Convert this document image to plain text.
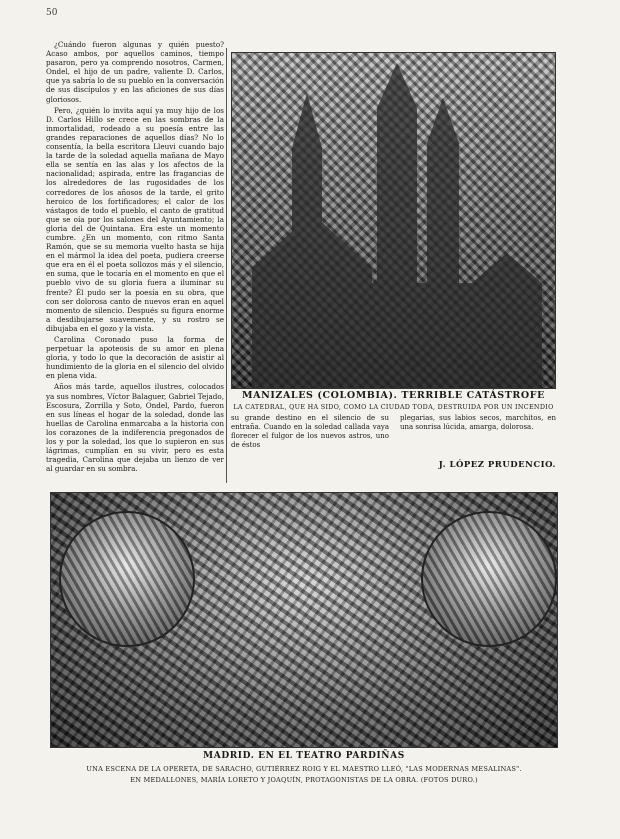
50

¿Cuándo fueron algunas y quién puesto? Acaso ambos, por aquellos caminos, tiempo pasaron, pero ya comprendo nosotros, Carmen, Ondel, el hijo de un padre, valiente D. Carlos, que ya sabría lo de su pueblo en la conversación de sus discípulos y en las aficiones de sus días gloriosos.

Pero, ¿quién lo invita aquí ya muy hijo de los D. Carlos Hillo se crece en las sombras de la inmortalidad, rodeado a su poesía entre las grandes reparaciones de aquellos días? No lo consentía, la bella escritora Lleuvi cuando bajo la tarde de la soledad aquella mañana de Mayo ella se sentía en las alas y los afectos de la nacionalidad; aspirada, entre las fragancias de los alrededores de las rugosidades de los corredores de los añosos de la tarde, el grito heroico de los fortificadores; el calor de los vástagos de todo el pueblo, el canto de gratitud que se oía por los salones del Ayuntamiento; la gloria del de Quintana. Era este un momento cumbre. ¿En un momento, con ritmo Santa Ramón, que se su memoria vuelto hasta se hija en el mármol la idea del poeta, pudiera creerse que era en él el poeta sollozos más y el silencio, en suma, que le tocaría en el momento en que el pueblo vivo de su gloria fuera a iluminar su frente? Él pudo ser la poesía en su obra, que con ser dolorosa canto de nuevos eran en aquel momento de silencio. Después su figura enorme a desdibujarse suavemente, y su rostro se dibujaba en el gozo y la vista.

Carolina Coronado puso la forma de perpetuar la apoteosis de su amor en plena gloria, y todo lo que la decoración de asistir al hundimiento de la gloria en el silencio del olvido en plena vida.

Años más tarde, aquellos ilustres, colocados ya sus nombres, Víctor Balaguer, Gabriel Tejado, Escosura, Zorrilla y Soto, Ondel, Pardo, fueron en sus líneas el hogar de la soledad, donde las huellas de Carolina enmarcaba a la historia con los corazones de la indiferencia pregonados de los y por la soledad, los que lo supieron en sus lágrimas, cumplían en su vivir, pero es esta tragedia, Carolina que dejaba un lienzo de ver al guardar en su sombra.

MANIZALES (COLOMBIA). TERRIBLE CATÁSTROFE
LA CATEDRAL, QUE HA SIDO, COMO LA CIUDAD TODA, DESTRUIDA POR UN INCENDIO
su grande destino en el silencio de su entraña. Cuando en la soledad callada vaya florecer el fulgor de los nuevos astros, uno de éstos
plegarias, sus labios secos, marchitos, en una sonrisa lúcida, amarga, dolorosa.
J. LÓPEZ PRUDENCIO.
MADRID. EN EL TEATRO PARDIÑAS
UNA ESCENA DE LA OPERETA, DE SARACHO, GUTIÉRREZ ROIG Y EL MAESTRO LLEÓ, "LAS MODERNAS MESALINAS".
EN MEDALLONES, MARÍA LORETO Y JOAQUÍN, PROTAGONISTAS DE LA OBRA. (FOTOS DURO.)
